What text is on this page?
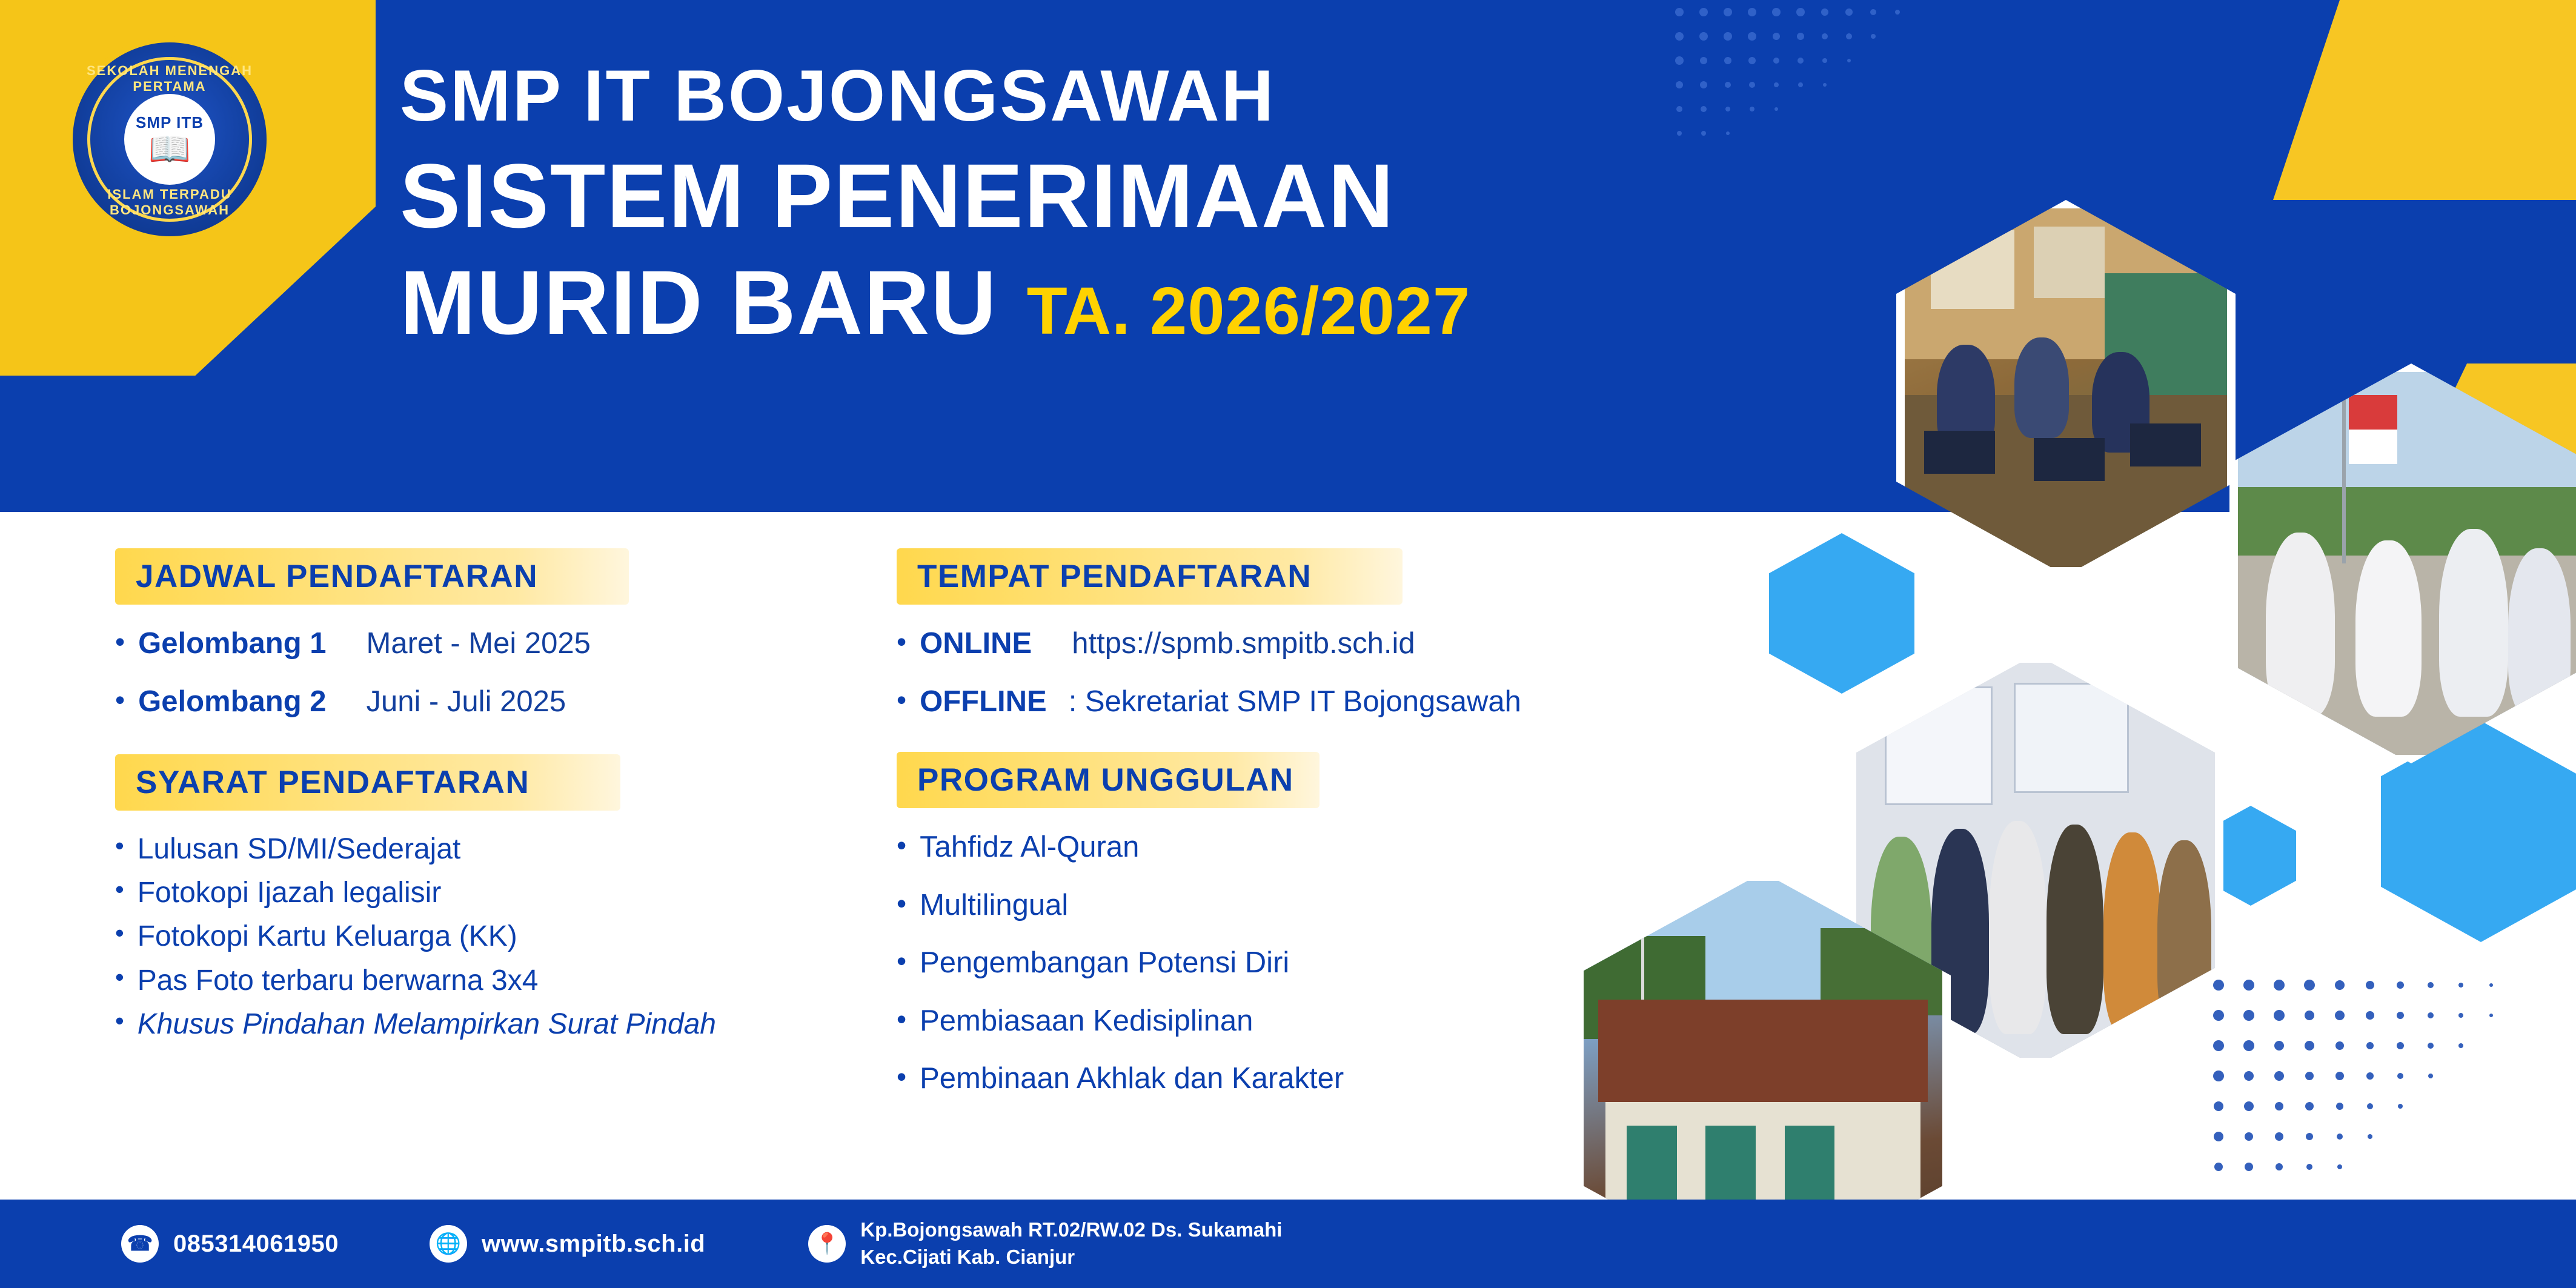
SEKOLAH MENENGAH PERTAMA
SMP ITB
📖
ISLAM TERPADU BOJONGSAWAH
SMP IT BOJONGSAWAH
SISTEM PENERIMAAN
MURID BARU TA. 2026/2027
JADWAL PENDAFTARAN
• Gelombang 1 Maret - Mei 2025
• Gelombang 2 Juni - Juli 2025
SYARAT PENDAFTARAN
• Lulusan SD/MI/Sederajat
• Fotokopi Ijazah legalisir
• Fotokopi Kartu Keluarga (KK)
• Pas Foto terbaru berwarna 3x4
• Khusus Pindahan Melampirkan Surat Pindah
TEMPAT PENDAFTARAN
• ONLINE https://spmb.smpitb.sch.id
• OFFLINE : Sekretariat SMP IT Bojongsawah
PROGRAM UNGGULAN
• Tahfidz Al-Quran
• Multilingual
• Pengembangan Potensi Diri
• Pembiasaan Kedisiplinan
• Pembinaan Akhlak dan Karakter
☎ 085314061950	🌐 www.smpitb.sch.id	📍
Kp.Bojongsawah RT.02/RW.02 Ds. Sukamahi
Kec.Cijati Kab. Cianjur
